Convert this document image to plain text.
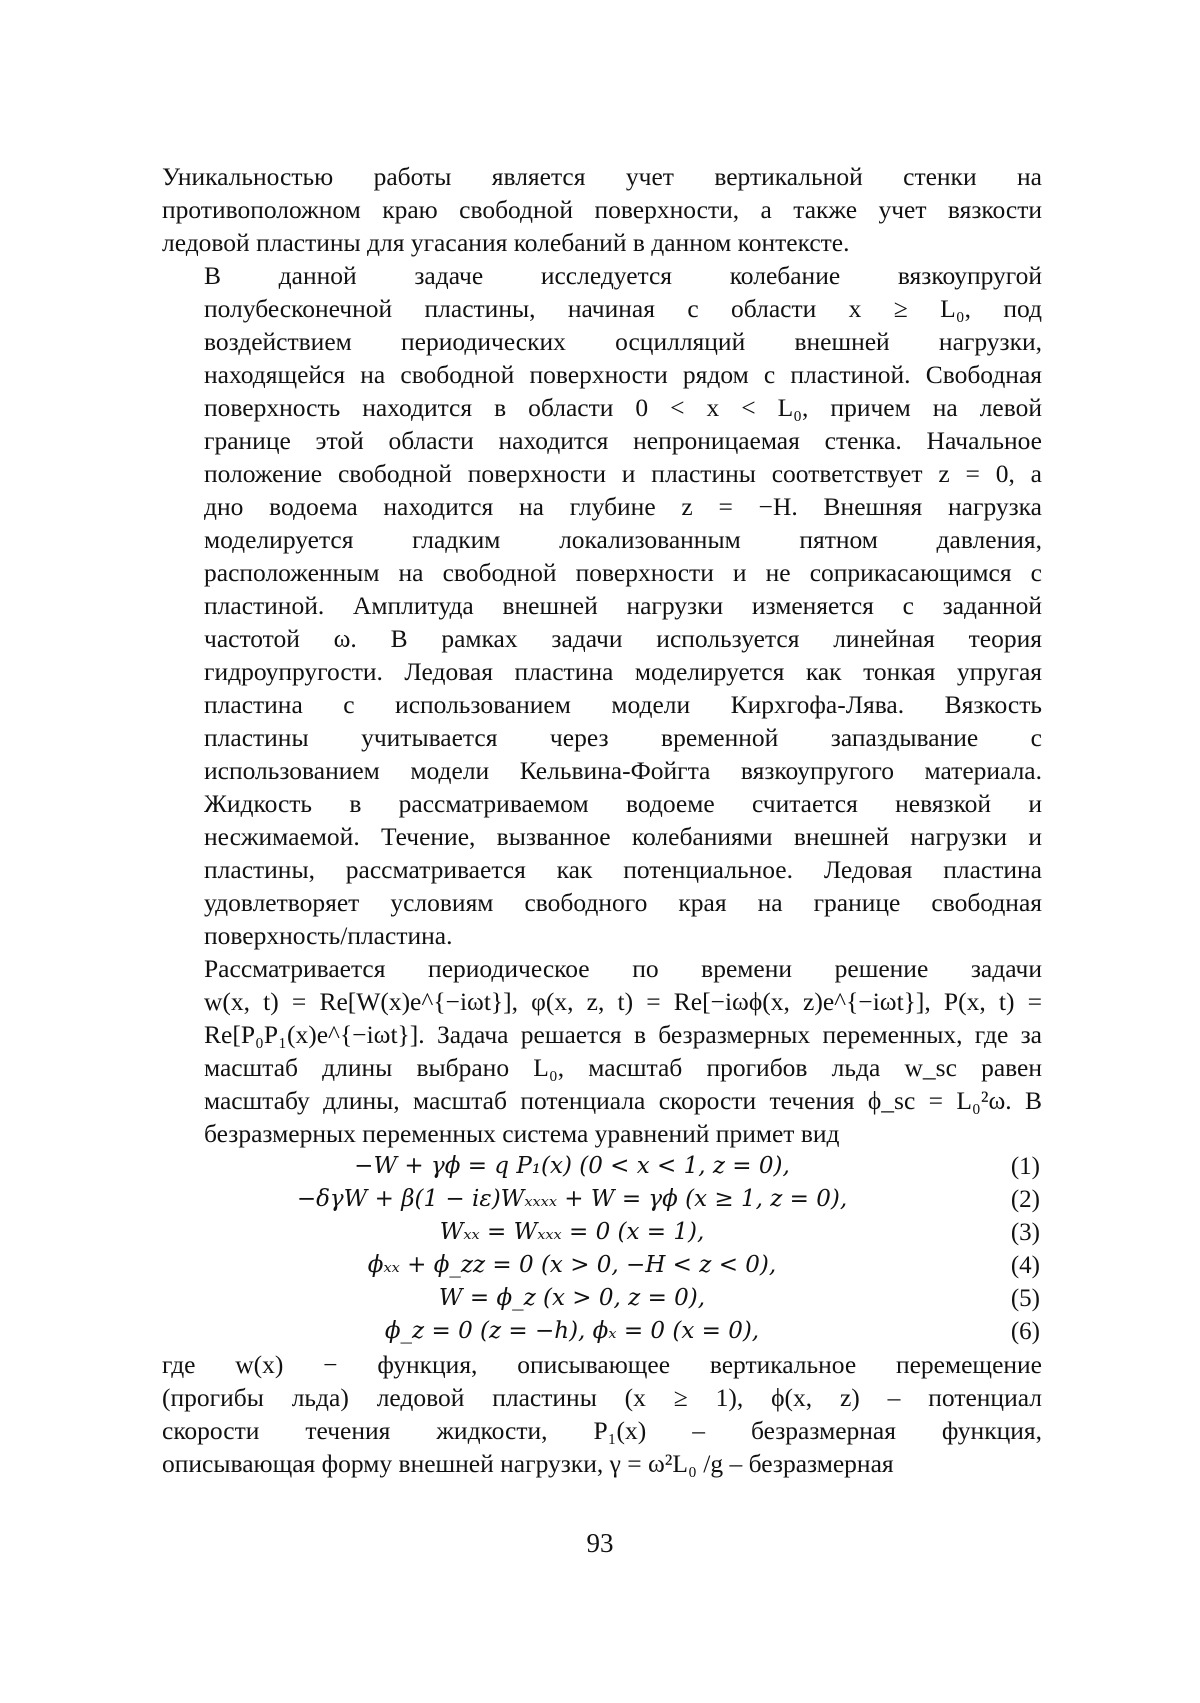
Уникальностью работы является учет вертикальной стенки на
противоположном краю свободной поверхности, а также учет вязкости
ледовой пластины для угасания колебаний в данном контексте.

В данной задаче исследуется колебание вязкоупругой
полубесконечной пластины, начиная с области x ≥ L₀, под
воздействием периодических осцилляций внешней нагрузки,
находящейся на свободной поверхности рядом с пластиной. Свободная
поверхность находится в области 0 < x < L₀, причем на левой
границе этой области находится непроницаемая стенка. Начальное
положение свободной поверхности и пластины соответствует z = 0, а
дно водоема находится на глубине z = −H. Внешняя нагрузка
моделируется гладким локализованным пятном давления,
расположенным на свободной поверхности и не соприкасающимся с
пластиной. Амплитуда внешней нагрузки изменяется с заданной
частотой ω. В рамках задачи используется линейная теория
гидроупругости. Ледовая пластина моделируется как тонкая упругая
пластина с использованием модели Кирхгофа-Лява. Вязкость
пластины учитывается через временной запаздывание с
использованием модели Кельвина-Фойгта вязкоупругого материала.
Жидкость в рассматриваемом водоеме считается невязкой и
несжимаемой. Течение, вызванное колебаниями внешней нагрузки и
пластины, рассматривается как потенциальное. Ледовая пластина
удовлетворяет условиям свободного края на границе свободная
поверхность/пластина.

Рассматривается периодическое по времени решение задачи
w(x, t) = Re[W(x)e^{−iωt}], φ(x, z, t) = Re[−iωϕ(x, z)e^{−iωt}], P(x, t) =
Re[P₀P₁(x)e^{−iωt}]. Задача решается в безразмерных переменных, где за
масштаб длины выбрано L₀, масштаб прогибов льда w_sc равен
масштабу длины, масштаб потенциала скорости течения ϕ_sc = L₀²ω. В
безразмерных переменных система уравнений примет вид

−W + γϕ = q P₁(x) (0 < x < 1, z = 0),	(1)
−δγW + β(1 − iε)Wₓₓₓₓ + W = γϕ (x ≥ 1, z = 0),	(2)
Wₓₓ = Wₓₓₓ = 0 (x = 1),	(3)
ϕₓₓ + ϕ_zz = 0 (x > 0, −H < z < 0),	(4)
W = ϕ_z (x > 0, z = 0),	(5)
ϕ_z = 0 (z = −h), ϕₓ = 0 (x = 0),	(6)

где w(x) − функция, описывающее вертикальное перемещение
(прогибы льда) ледовой пластины (x ≥ 1), ϕ(x, z) – потенциал
скорости течения жидкости, P₁(x) – безразмерная функция,
описывающая форму внешней нагрузки, γ = ω²L₀ /g – безразмерная

93
